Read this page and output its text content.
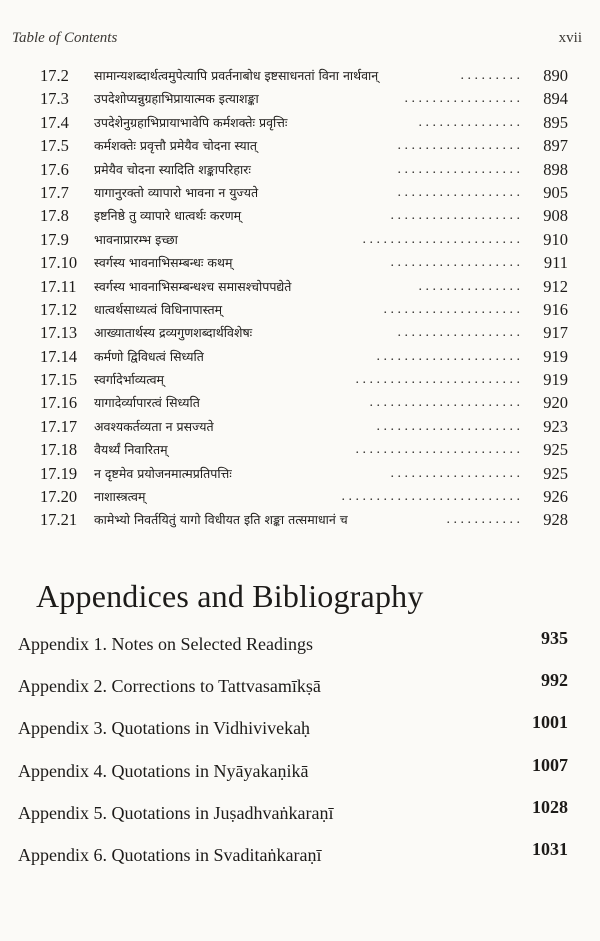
Table of Contents	xvii
17.2 सामान्यशब्दार्थत्वमुपेत्यापि प्रवर्तनाबोध इष्टसाधनतां विना नार्थवान्	. . . . . . . . . 890
17.3 उपदेशोप्यन्नुग्रहाभिप्रायात्मक इत्याशङ्का	. . . . . . . . . . . . . . . . . 894
17.4 उपदेशेनुग्रहाभिप्रायाभावेपि कर्मशक्तेः प्रवृत्तिः	. . . . . . . . . . . . . . . 895
17.5 कर्मशक्तेः प्रवृत्तौ प्रमेयैव चोदना स्यात्	. . . . . . . . . . . . . . . . . . 897
17.6 प्रमेयैव चोदना स्यादिति शङ्कापरिहारः	. . . . . . . . . . . . . . . . . . 898
17.7 यागानुरक्तो व्यापारो भावना न युज्यते	. . . . . . . . . . . . . . . . . . 905
17.8 इष्टनिष्ठे तु व्यापारे धात्वर्थः करणम्	. . . . . . . . . . . . . . . . . . . 908
17.9 भावनाप्रारम्भ इच्छा	. . . . . . . . . . . . . . . . . . . . . . . 910
17.10 स्वर्गस्य भावनाभिसम्बन्धः कथम्	. . . . . . . . . . . . . . . . . . . 911
17.11 स्वर्गस्य भावनाभिसम्बन्धश्च समासश्चोपपद्येते	. . . . . . . . . . . . . . . 912
17.12 धात्वर्थसाध्यत्वं विधिनापास्तम्	. . . . . . . . . . . . . . . . . . . . 916
17.13 आख्यातार्थस्य द्रव्यगुणशब्दार्थविशेषः	. . . . . . . . . . . . . . . . . . 917
17.14 कर्मणो द्विविधत्वं सिध्यति	. . . . . . . . . . . . . . . . . . . . . 919
17.15 स्वर्गादेर्भाव्यत्वम्	. . . . . . . . . . . . . . . . . . . . . . . . 919
17.16 यागादेर्व्यापारत्वं सिध्यति	. . . . . . . . . . . . . . . . . . . . . . 920
17.17 अवश्यकर्तव्यता न प्रसज्यते	. . . . . . . . . . . . . . . . . . . . . 923
17.18 वैयर्थ्यं निवारितम्	. . . . . . . . . . . . . . . . . . . . . . . . 925
17.19 न दृष्टमेव प्रयोजनमात्मप्रतिपत्तिः	. . . . . . . . . . . . . . . . . . . 925
17.20 नाशास्त्रत्वम्	. . . . . . . . . . . . . . . . . . . . . . . . . . 926
17.21 कामेभ्यो निवर्तयितुं यागो विधीयत इति शङ्का तत्समाधानं च	. . . . . . . . . . . 928
Appendices and Bibliography
Appendix 1. Notes on Selected Readings	935
Appendix 2. Corrections to Tattvasamīkṣā	992
Appendix 3. Quotations in Vidhivivekaḥ	1001
Appendix 4. Quotations in Nyāyakaṇikā	1007
Appendix 5. Quotations in Juṣadhvaṅkaraṇī	1028
Appendix 6. Quotations in Svaditaṅkaraṇī	1031
